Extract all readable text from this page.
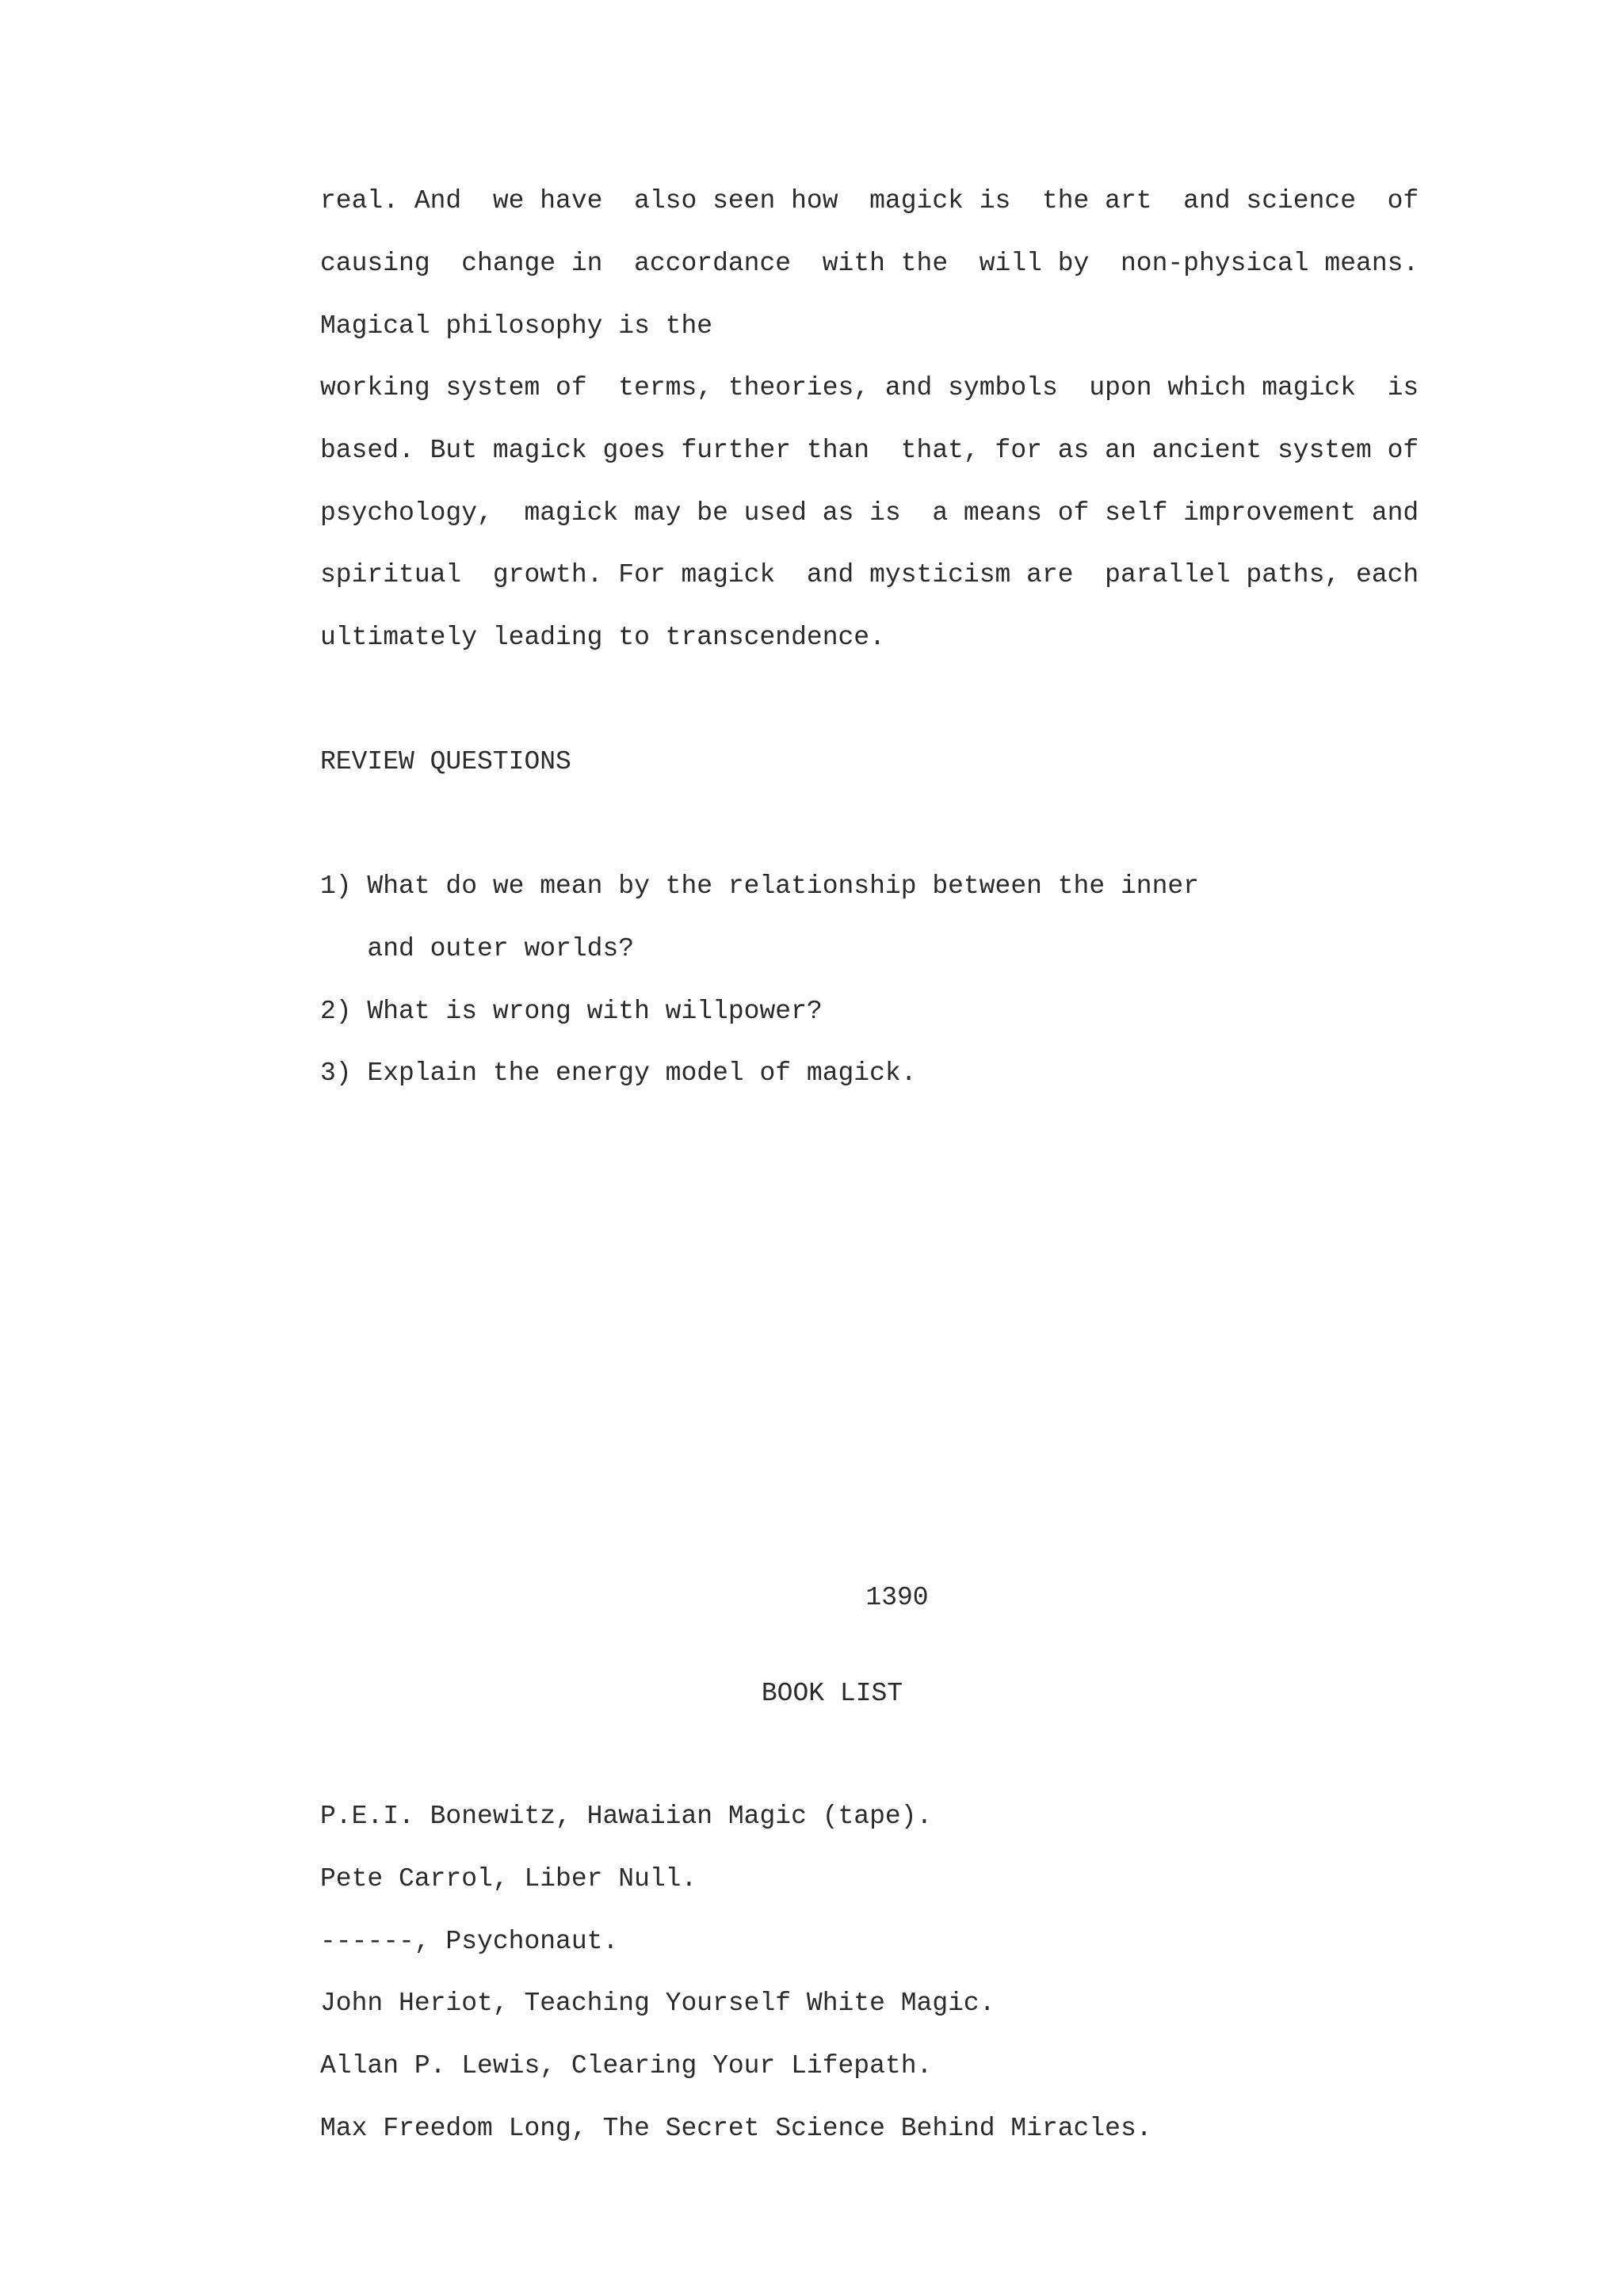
real. And  we have  also seen how  magick is  the art  and science  of

causing  change in  accordance  with the  will by  non-physical means.

Magical philosophy is the

working system of  terms, theories, and symbols  upon which magick  is

based. But magick goes further than  that, for as an ancient system of

psychology,  magick may be used as is  a means of self improvement and

spiritual  growth. For magick  and mysticism are  parallel paths, each

ultimately leading to transcendence.

REVIEW QUESTIONS

1) What do we mean by the relationship between the inner

and outer worlds?

2) What is wrong with willpower?

3) Explain the energy model of magick.

1390

BOOK LIST

P.E.I. Bonewitz, Hawaiian Magic (tape).

Pete Carrol, Liber Null.

------, Psychonaut.

John Heriot, Teaching Yourself White Magic.

Allan P. Lewis, Clearing Your Lifepath.

Max Freedom Long, The Secret Science Behind Miracles.
